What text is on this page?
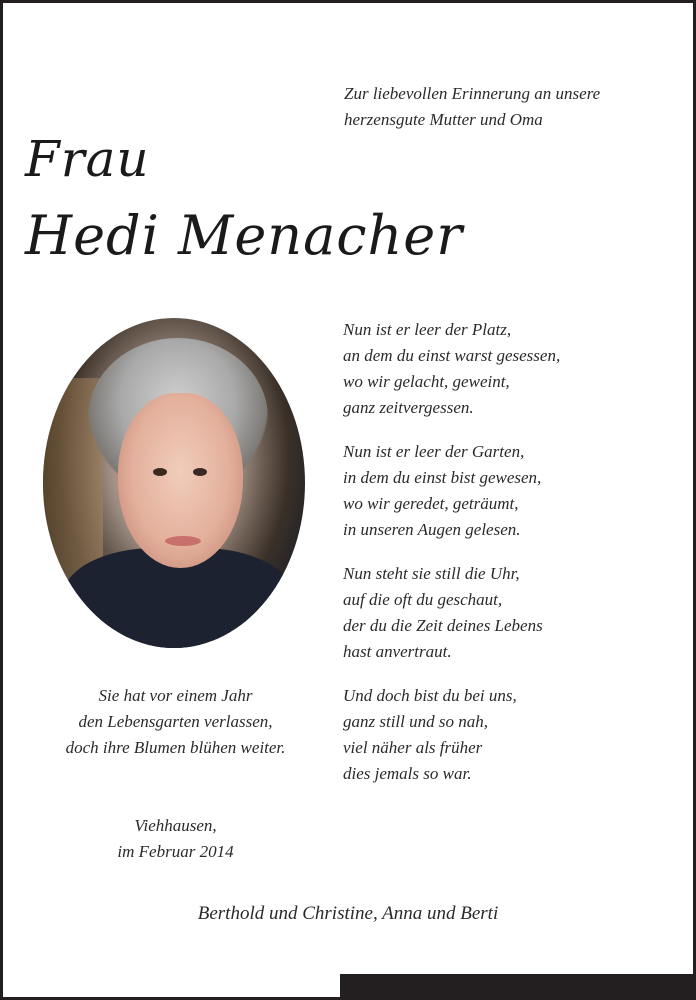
Zur liebevollen Erinnerung an unsere
herzensgute Mutter und Oma
Frau
Hedi Menacher
Nun ist er leer der Platz,
an dem du einst warst gesessen,
wo wir gelacht, geweint,
ganz zeitvergessen.
Nun ist er leer der Garten,
in dem du einst bist gewesen,
wo wir geredet, geträumt,
in unseren Augen gelesen.
Nun steht sie still die Uhr,
auf die oft du geschaut,
der du die Zeit deines Lebens
hast anvertraut.
Und doch bist du bei uns,
ganz still und so nah,
viel näher als früher
dies jemals so war.
Sie hat vor einem Jahr
den Lebensgarten verlassen,
doch ihre Blumen blühen weiter.
Viehhausen,
im Februar 2014
Berthold und Christine, Anna und Berti
